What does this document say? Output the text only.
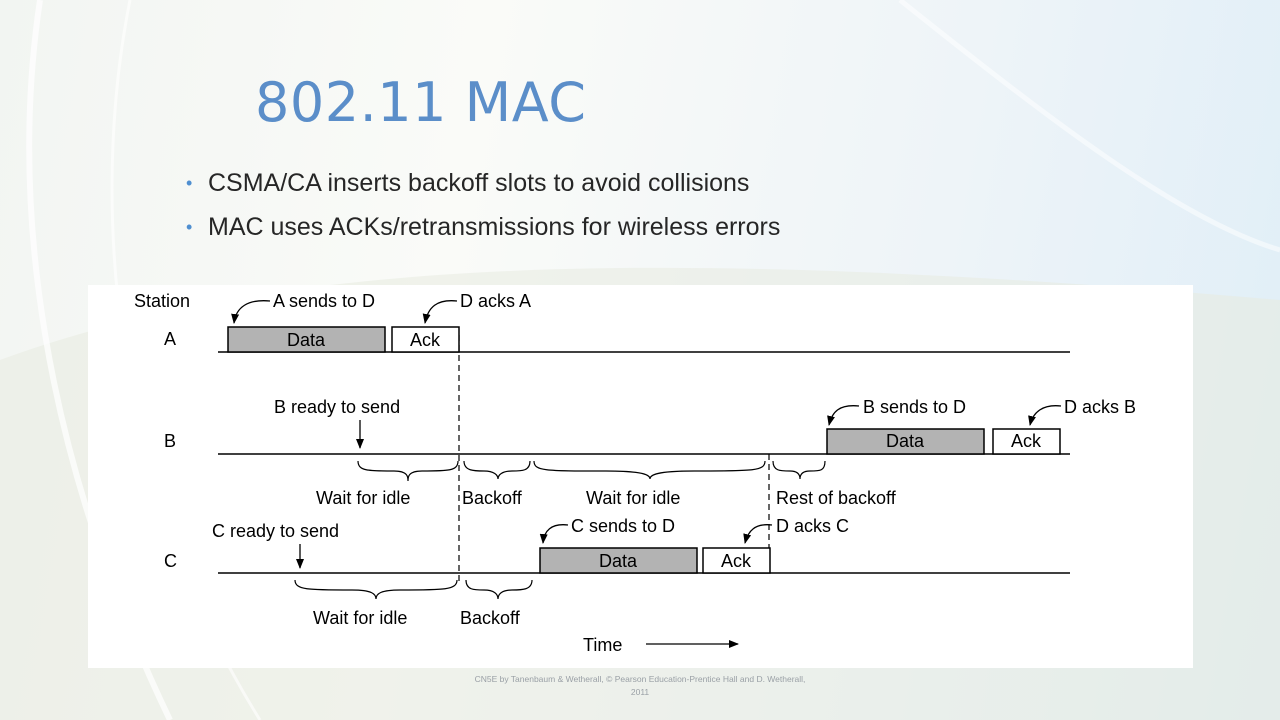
802.11 MAC
• CSMA/CA inserts backoff slots to avoid collisions
• MAC uses ACKs/retransmissions for wireless errors
Station
A
B
C
Data	Ack
Data	Ack
Data	Ack
A sends to D	D acks A
B ready to send	B sends to D	D acks B
Wait for idle	Backoff	Wait for idle	Rest of backoff
C sends to D	D acks C
C ready to send
Wait for idle	Backoff
Time
CN5E by Tanenbaum & Wetherall, © Pearson Education-Prentice Hall and D. Wetherall, 2011
